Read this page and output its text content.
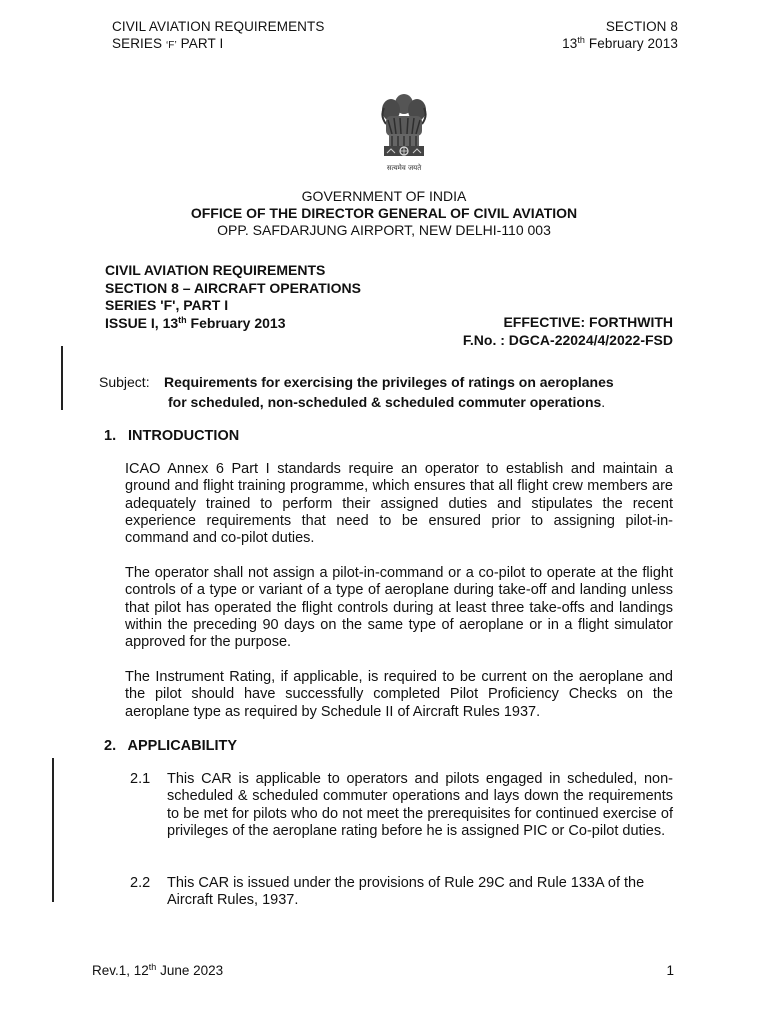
CIVIL AVIATION REQUIREMENTS
SERIES ‘F’ PART I
SECTION 8
13th February 2013
सत्यमेव जयते
GOVERNMENT OF INDIA
OFFICE OF THE DIRECTOR GENERAL OF CIVIL AVIATION
OPP. SAFDARJUNG AIRPORT, NEW DELHI-110 003
CIVIL AVIATION REQUIREMENTS
SECTION 8 – AIRCRAFT OPERATIONS
SERIES 'F', PART I
ISSUE I, 13th February 2013	EFFECTIVE: FORTHWITH
F.No. : DGCA-22024/4/2022-FSD
Subject: Requirements for exercising the privileges of ratings on aeroplanes
for scheduled, non-scheduled & scheduled commuter operations.
1. INTRODUCTION
ICAO Annex 6 Part I standards require an operator to establish and maintain a ground and flight training programme, which ensures that all flight crew members are adequately trained to perform their assigned duties and stipulates the recent experience requirements that need to be ensured prior to assigning pilot-in- command and co-pilot duties.
The operator shall not assign a pilot-in-command or a co-pilot to operate at the flight controls of a type or variant of a type of aeroplane during take-off and landing unless that pilot has operated the flight controls during at least three take-offs and landings within the preceding 90 days on the same type of aeroplane or in a flight simulator approved for the purpose.
The Instrument Rating, if applicable, is required to be current on the aeroplane and the pilot should have successfully completed Pilot Proficiency Checks on the aeroplane type as required by Schedule II of Aircraft Rules 1937.
2. APPLICABILITY
2.1 This CAR is applicable to operators and pilots engaged in scheduled, non-scheduled & scheduled commuter operations and lays down the requirements to be met for pilots who do not meet the prerequisites for continued exercise of privileges of the aeroplane rating before he is assigned PIC or Co-pilot duties.
2.2 This CAR is issued under the provisions of Rule 29C and Rule 133A of the Aircraft Rules, 1937.
Rev.1, 12th June 2023	1
